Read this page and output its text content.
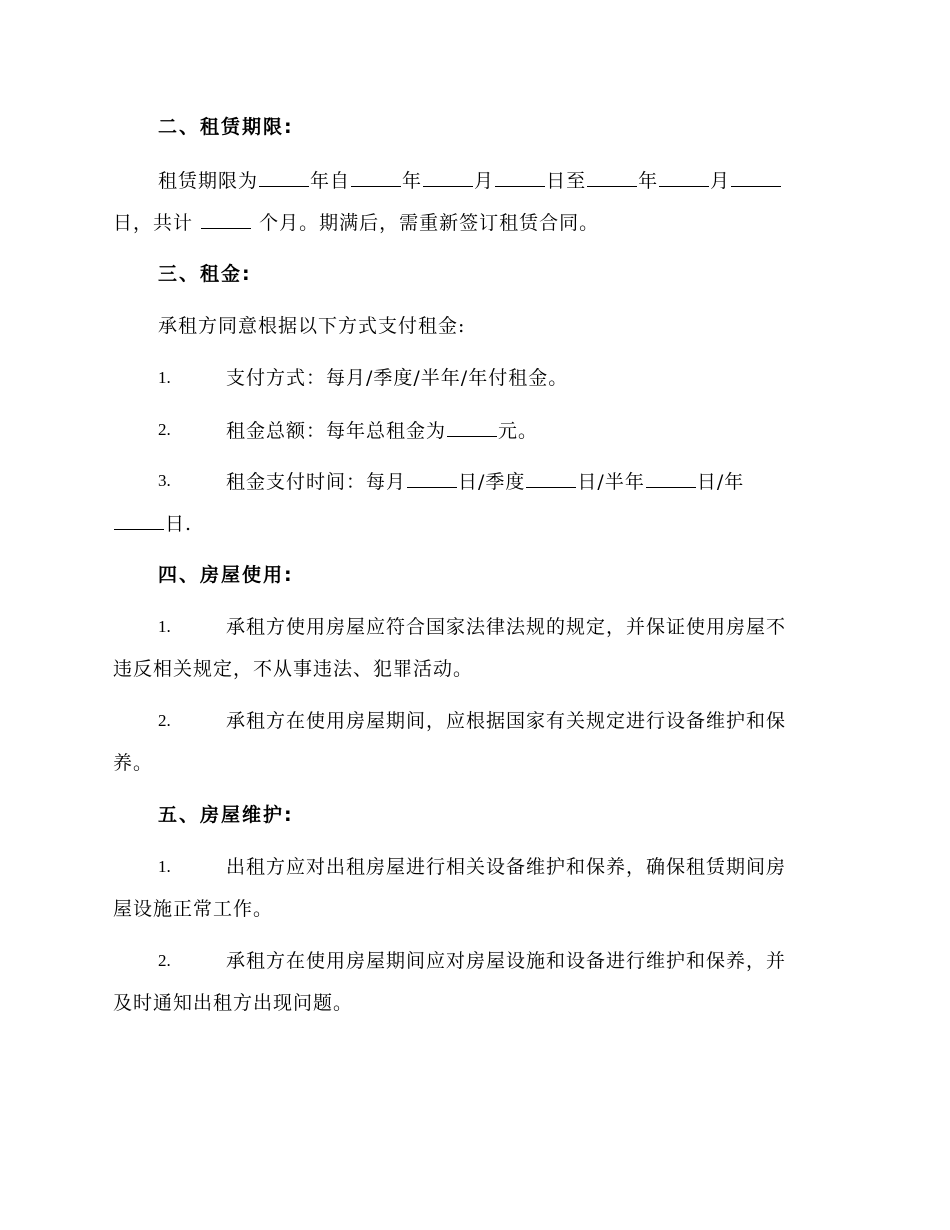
二、租赁期限:
租赁期限为	年自	年	月	日至	年	月
日，共计	个月。期满后，需重新签订租赁合同。
三、租金:
承租方同意根据以下方式支付租金:
1.	支付方式：每月/季度/半年/年付租金。
2.	租金总额：每年总租金为	元。
3.	租金支付时间：每月	日/季度	日/半年	日/年
日.
四、房屋使用:
1.	承租方使用房屋应符合国家法律法规的规定，并保证使用房屋不
违反相关规定，不从事违法、犯罪活动。
2.	承租方在使用房屋期间，应根据国家有关规定进行设备维护和保
养。
五、房屋维护:
1.	出租方应对出租房屋进行相关设备维护和保养，确保租赁期间房
屋设施正常工作。
2.	承租方在使用房屋期间应对房屋设施和设备进行维护和保养，并
及时通知出租方出现问题。
